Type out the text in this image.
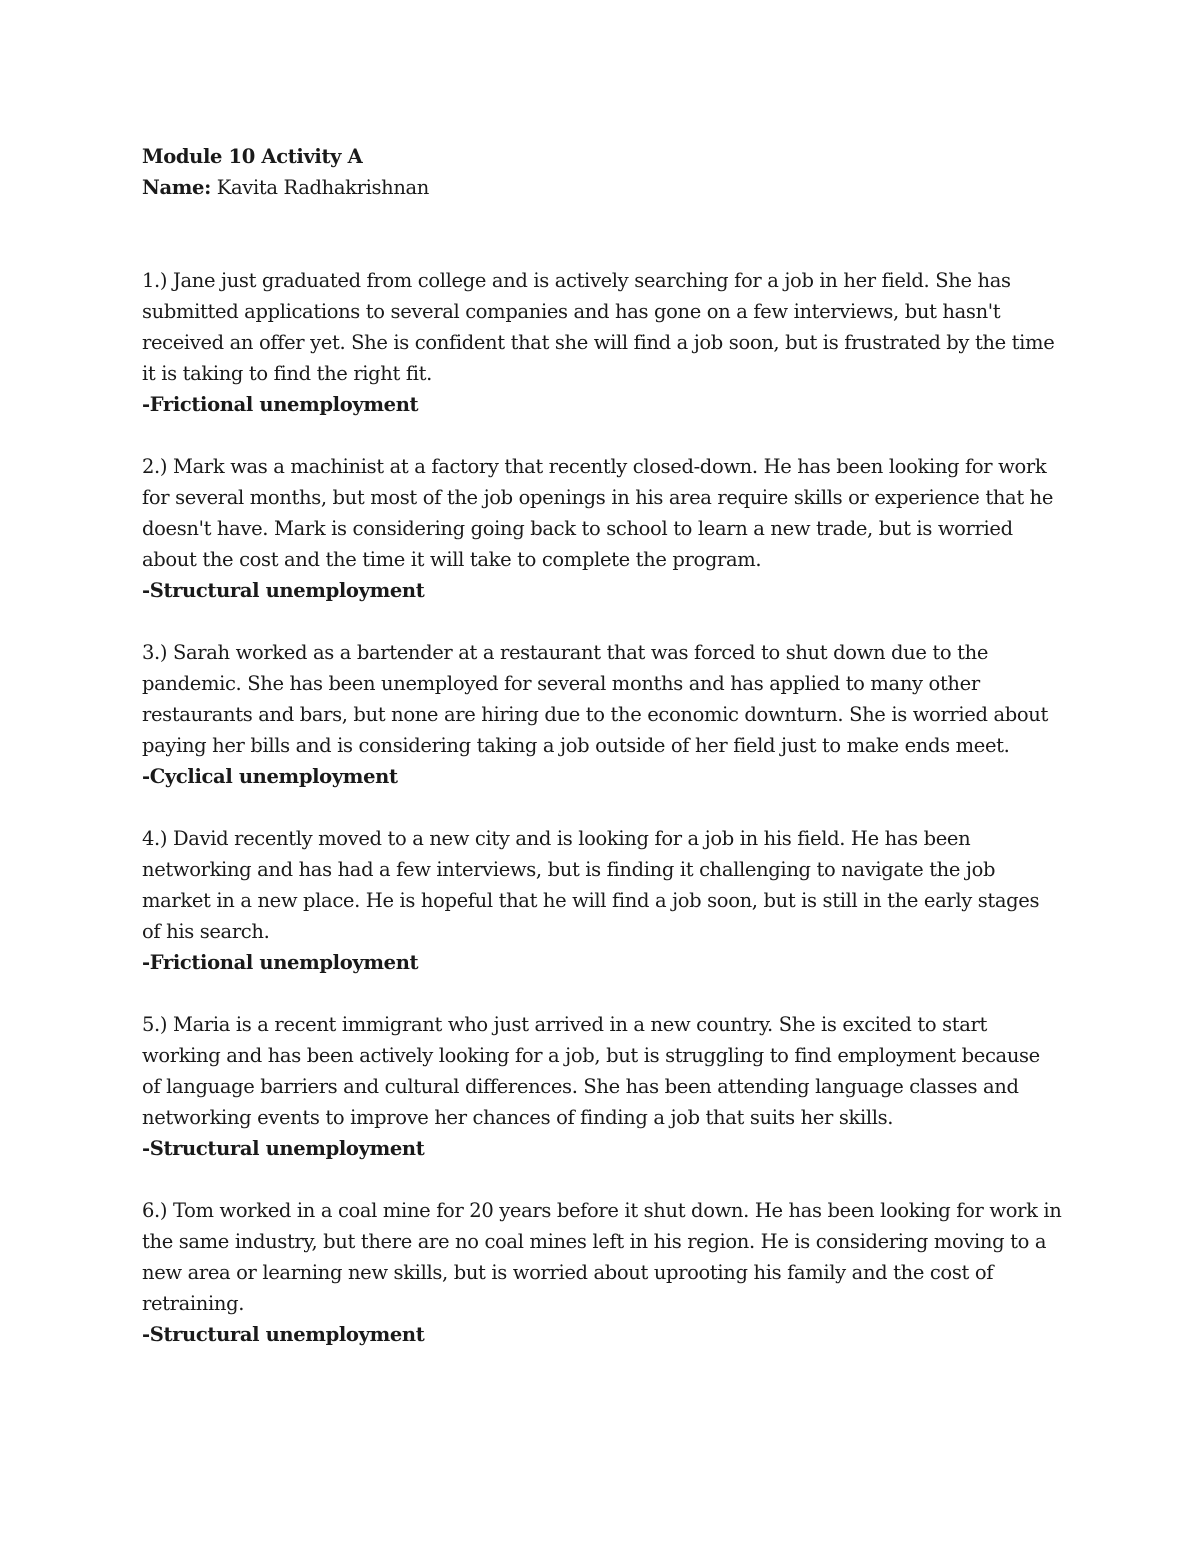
Module 10 Activity A

Name: Kavita Radhakrishnan

1.) Jane just graduated from college and is actively searching for a job in her field. She has submitted applications to several companies and has gone on a few interviews, but hasn't received an offer yet. She is confident that she will find a job soon, but is frustrated by the time it is taking to find the right fit.

-Frictional unemployment

2.) Mark was a machinist at a factory that recently closed-down. He has been looking for work for several months, but most of the job openings in his area require skills or experience that he doesn't have. Mark is considering going back to school to learn a new trade, but is worried about the cost and the time it will take to complete the program.

-Structural unemployment

3.) Sarah worked as a bartender at a restaurant that was forced to shut down due to the pandemic. She has been unemployed for several months and has applied to many other restaurants and bars, but none are hiring due to the economic downturn. She is worried about paying her bills and is considering taking a job outside of her field just to make ends meet.

-Cyclical unemployment

4.) David recently moved to a new city and is looking for a job in his field. He has been networking and has had a few interviews, but is finding it challenging to navigate the job market in a new place. He is hopeful that he will find a job soon, but is still in the early stages of his search.

-Frictional unemployment

5.) Maria is a recent immigrant who just arrived in a new country. She is excited to start working and has been actively looking for a job, but is struggling to find employment because of language barriers and cultural differences. She has been attending language classes and networking events to improve her chances of finding a job that suits her skills.

-Structural unemployment

6.) Tom worked in a coal mine for 20 years before it shut down. He has been looking for work in the same industry, but there are no coal mines left in his region. He is considering moving to a new area or learning new skills, but is worried about uprooting his family and the cost of retraining.

-Structural unemployment
